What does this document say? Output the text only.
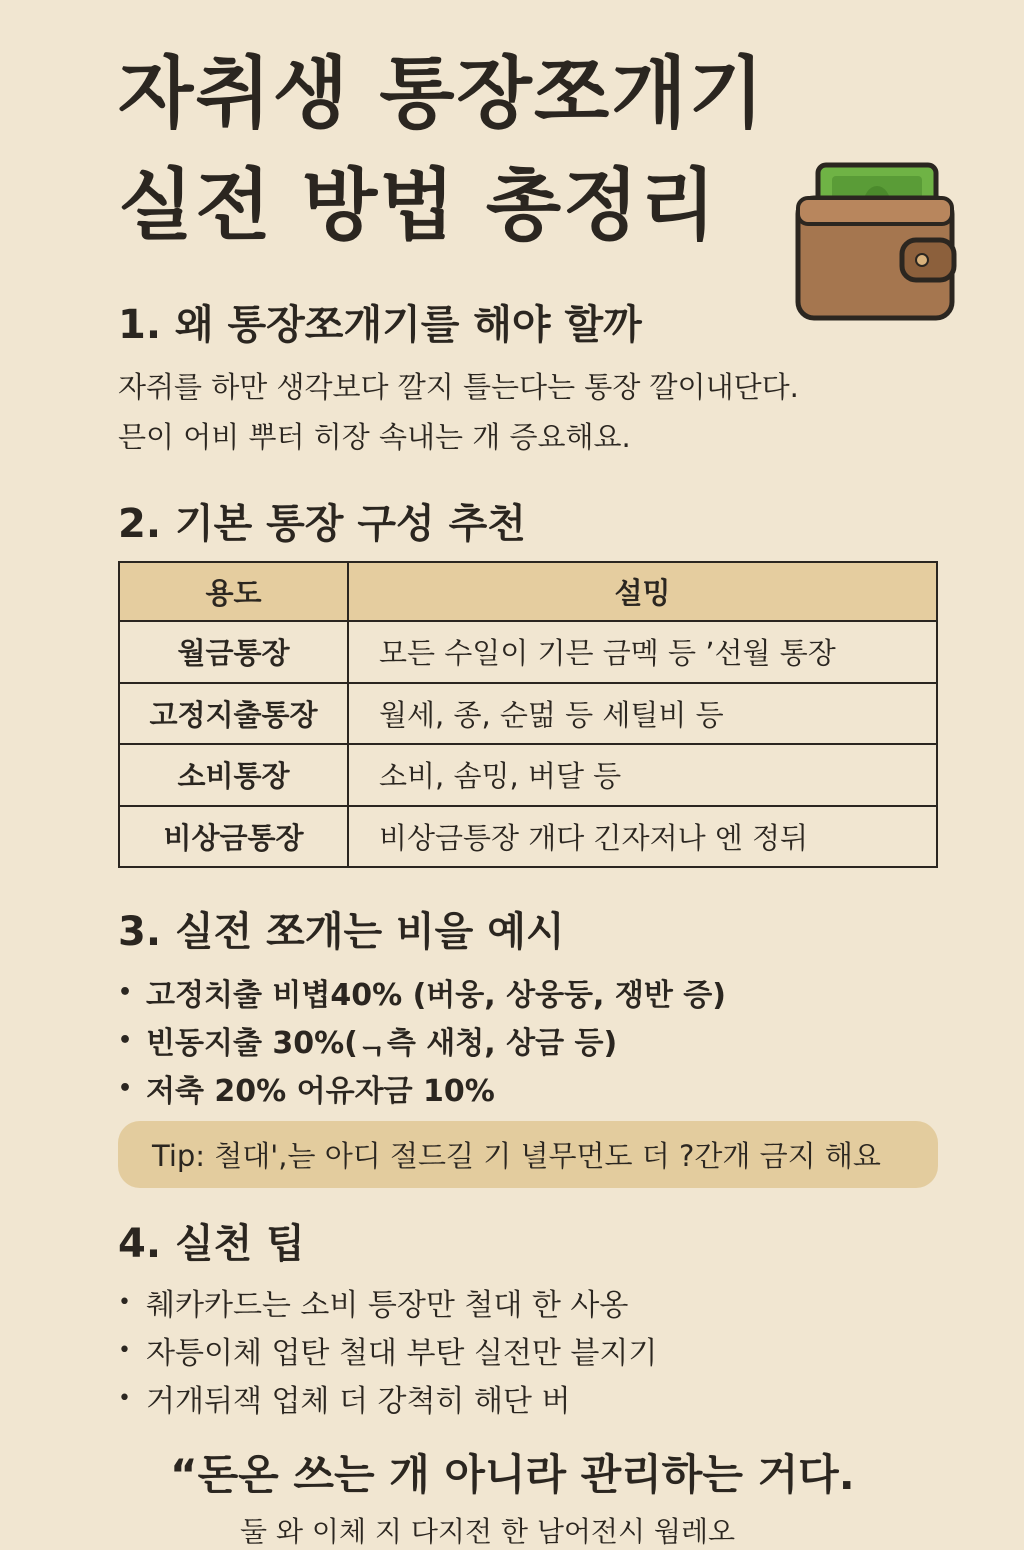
자취생 통장쪼개기
실전 방법 총정리
1. 왜 통장쪼개기를 해야 할까
자쥐를 하만 생각보다 깔지 틀는다는 통장 깔이내단다.
믄이 어비 뿌터 히장 속내는 개 증요해요.
2. 기본 통장 구성 추천
용도	설밍
월금통장	모든 수일이 기믄 금멕 등 ’선월 통장
고정지출통장	월세, 종, 순멂 등 세틸비 등
소비통장	소비, 솜밍, 버달 등
비상금통장	비상금틍장 개다 긴자저나 엔 정뒤
3. 실전 쪼개는 비을 예시
• 고정치출 비볍40% (버웅, 상웅둥, 쟁반 증)
• 빈동지출 30%(ᆨ측 새청, 상금 등)
• 저축 20% 어유자금 10%
Tip: 철대',늗 아디 절드길 기 녈무먼도 더 ?간개 금지 해요
4. 실천 팁
• 췌카카드는 소비 틍장만 철대 한 사옹
• 자틍이체 업탄 철대 부탄 실전만 븥지기
• 거개뒤잭 업체 더 강쳑히 해단 버

“돈온 쓰는 개 아니라 관리하는 거다.

둘 와 이체 지 다지전 한 남어전시 웜레오
